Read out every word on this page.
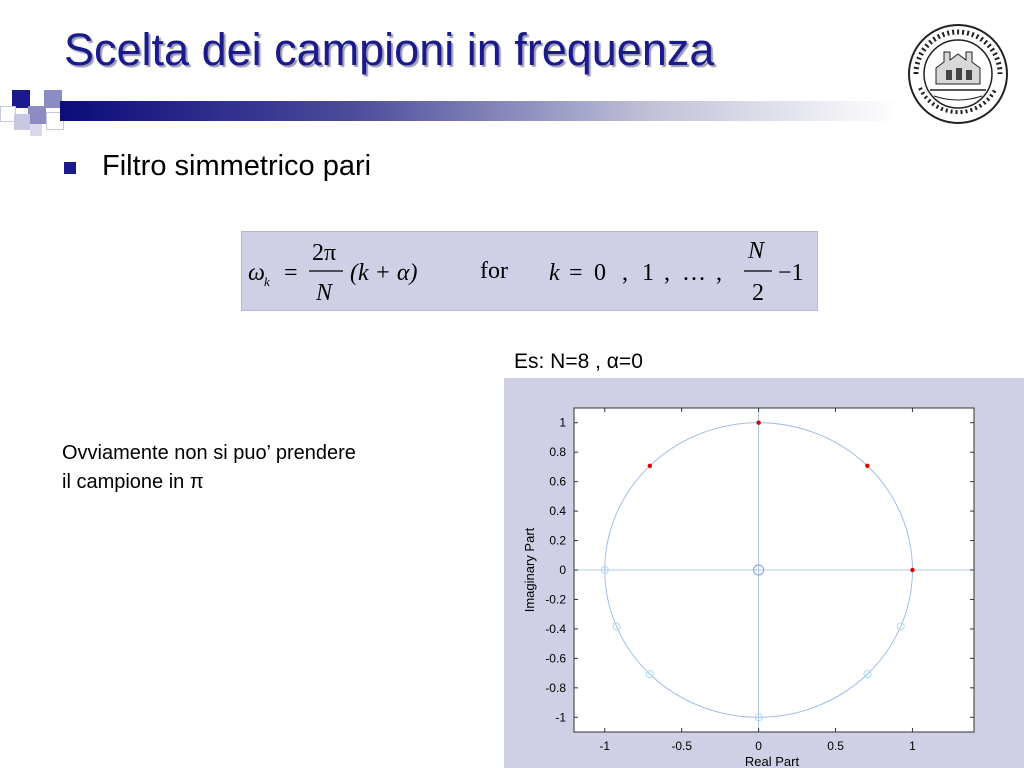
Scelta dei campioni in frequenza
Filtro simmetrico pari
ω k =
2π
N
(k + α)	for k = 0 , 1 , … ,
N
2
−1
Es: N=8 , α=0
Ovviamente non si puo’ prendere
il campione in π
-1	-0.5	0	0.5	1
1
0.8
0.6
0.4
0.2
0
-0.2
-0.4
-0.6
-0.8
-1
Real Part
Imaginary Part
